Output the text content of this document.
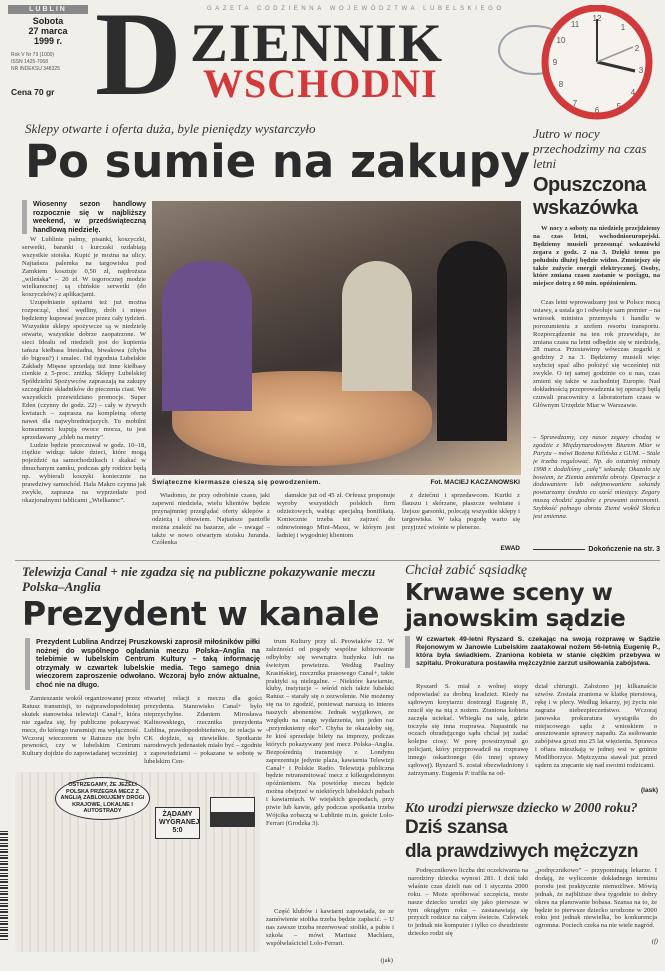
LUBLIN
Sobota
27 marca
1999 r.
Rok V Nr 73 (1000)
ISSN 1425-7068
NR INDEKSU 348325
Cena 70 gr
GAZETA CODZIENNA WOJEWÓDZTWA LUBELSKIEGO
D ZIENNIK
WSCHODNI
12
1
2
3
4
5
6
7
8
9
10
11
Sklepy otwarte i oferta duża, byle pieniędzy wystarczyło
Po sumie na zakupy
Wiosenny sezon handlowy rozpocznie się w najbliższy weekend, w przedświąteczną handlową niedzielę.

W Lublinie palmy, pisanki, koszyczki, serwetki, baranki i kurczaki ozdabiają wszystkie stoiska. Kupić je można na ulicy. Najtańsza palemka na targowisku pod Zamkiem kosztuje 0,50 zł, najdroższa „wileńska” – 20 zł. W tegorocznej modzie wielkanocnej są chińskie serwetki (do koszyczków) z aplikacjami.

Uzupełnianie spiżarni też już można rozpocząć, choć wędliny, drób i mięso będziemy kupować jeszcze przez cały tydzień. Wszystkie sklepy spożywcze są w niedzielę otwarte, wszystkie dobrze zaopatrzone. W sieci Idealu od niedzieli jest do kupienia tańsza kiełbasa biesiadna, biwakowa (chyba do bigosu?) i smalec. Od tygodnia Lubelskie Zakłady Mięsne sprzedają też inne kiełbasy cienkie z 5-proc. zniżką. Sklepy Lubelskiej Spółdzielni Spożywców zapraszają na zakupy szczególnie składników do pieczenia ciast. We wszystkich przewidziano promocje. Super Eden (czynny do godz. 22) – cały w żywych kwiatach – zaprasza na kompletną ofertę nawet dla najwybredniejszych. Tu mobilni konsumenci kupują owoce morza, tu jest sprzedawany „chleb na metry”.

Ludzie będzie przeczuwał w godz. 10–18, ciężkie widząc także dzieci, które mogą pojeździć na samochodzikach i skakać w dmuchanym zamku, podczas gdy rodzice będą np. wybierali koszyki koniecznie na prawdziwy samochód. Hala Makro czynna jak zwykle, zaprasza na wyprzedaże pod okazjonalnymi tablicami „Wielkanoc”.

Świąteczne kiermasze cieszą się powodzeniem.	Fot. MACIEJ KACZANOWSKI
Wiadomo, że przy odrobinie czasu, jaki zapewni niedziela, wielu klientów będzie przynajmniej przeglądać oferty sklepów z odzieżą i obuwiem. Najtańsze pantofle można znaleźć na bazarze, ale – uwaga! – także w nowo otwartym stoisku Juranda. Czółenka
damskie już od 45 zł. Orfeusz proponuje wyroby wszystkich polskich firm odzieżowych, wabiąc specjalną bonifikatą. Koniecznie trzeba też zajrzeć do odnowionego Mini–Maxu, w którym jest ładniej i wygodniej klientom
z dziećmi i sprzedawcom. Kurtki z flauszu i skórzane, płaszcze wełniane i lżejsze garsonki, polecają wszystkie sklepy i targowiska. W taką pogodę warto się przyjrzeć wiośnie w plenerze.
EWAD
Jutro w nocy przechodzimy na czas letni
Opuszczona wskazówka
W nocy z soboty na niedzielę przejdziemy na czas letni, wschodnioeuropejski. Będziemy musieli przesunąć wskazówki zegara z godz. 2 na 3. Dzięki temu po południu dłużej będzie widno. Zmniejszy się także zużycie energii elektrycznej. Osoby, które zmiana czasu zastanie w pociągu, na miejsce dotrą z 60 min. opóźnieniem.
Czas letni wprowadzany jest w Polsce mocą ustawy, a ustala go i odwołuje sam premier – na wniosek ministra przemysłu i handlu w porozumieniu z szefem resortu transportu. Rozporządzenie na ten rok przewiduje, że zmiana czasu na letni odbędzie się w niedzielę, 28 marca. Przestawimy wówczas zegarki z godziny 2 na 3. Będziemy musieli więc szybciej spać albo położyć się wcześniej niż zwykle. O tej samej godzinie co u nas, czas zmieni się także w zachodniej Europie. Nad dokładnością przeprowadzenia tej operacji będą czuwali pracownicy z laboratorium czasu w Głównym Urzędzie Miar w Warszawie.
– Sprawdzamy, czy nasze zegary chodzą w zgodzie z Międzynarodowym Biurem Miar w Paryżu – mówi Bożena Kilińska z GUM. – Stale je trzeba regulować. Np. do ostatniej minuty 1998 r. dodaliśmy „całą” sekundę. Okazało się bowiem, że Ziemia zmieniła obroty. Operacje z dodawaniem lub odejmowaniem sekundy powtarzamy średnio co sześć miesięcy. Zegary muszą chodzić zgodnie z prawami astronomii. Szybkość pełnego obrotu Ziemi wokół Słońca jest zmienna.
Dokończenie na str. 3
Telewizja Canal + nie zgadza się na publiczne pokazywanie meczu Polska–Anglia
Prezydent w kanale
Prezydent Lublina Andrzej Pruszkowski zaprosił miłośników piłki nożnej do wspólnego oglądania meczu Polska–Anglia na telebimie w lubelskim Centrum Kultury – taką informację otrzymały w czwartek lubelskie media. Tego samego dnia wieczorem zaproszenie odwołano. Wczoraj było znów aktualne, choć nie na długo.
trum Kultury przy ul. Peowiaków 12. W zależności od pogody wspólne kibicowanie odbyłoby się wewnątrz budynku lub na świeżym powietrzu. Według Pauliny Krasińskiej, rzecznika prasowego Canal+, takie praktyki są nielegalne. – Niektóre kawiarnie, kluby, instytucje – wśród nich także lubelski Ratusz – starały się o zezwolenie. Nie możemy się na to zgodzić, ponieważ naruszą to interes naszych abonentów. Jednak wyjątkowo, ze względu na rangę wydarzenia, ten jeden raz „przymkniemy oko”. Chyba że okazałoby się, że ktoś sprzedaje bilety na imprezy, podczas których pokazywany jest mecz Polska–Anglia. Bezpośrednią transmisję z Londynu zaprezentuje jedynie plaża, kawiarnia Telewizji Canal+ i Polskie Radio. Telewizja publiczna będzie retransmitować mecz z kilkugodzinnym opóźnieniem. Na powtórkę meczu będzie można obejrzeć w niektórych lubelskich pubach i kawiarniach. W wiejskich gospodach, przy piwie lub kawie, gdy podczas spotkania trzeba Wójcika zobaczą w Lublinie m.in. goście Lolo-Ferrari (Grodzka 3).
Zamieszanie wokół organizowanej przez Ratusz transmisji, to najprawdopodobniej skutek stanowiska telewizji Canal+, która nie zgadza się, by publiczne pokazywać mecz, do którego transmisji ma wyłączność. Wczoraj wieczorem w Ratuszu nie było pewności, czy w lubelskim Centrum Kultury dojdzie do zapowiadanej wcześniej
otwartej relacji z meczu dla gości prezydenta. Stanowisko Canal+ było nieprzychylne. Zdaniem Mirosława Kalinowskiego, rzecznika prezydenta Lublina, prawdopodobieństwo, że relacja w CK dojdzie, są niewielkie. Spotkanie narodowych jedenastek miało być – zgodnie z zapowiedziami – pokazane w sobotę w lubelskim Cen-
OSTRZEGAMY, ŻE JEŻELI POLSKA PRZEGRA MECZ Z ANGLIĄ ZABLOKUJEMY DROGI KRAJOWE, LOKALNE I AUTOSTRADY	ŻĄDAMY WYGRANEJ 5:0
Część klubów i kawiarni zapowiada, że ze zamówienie stolika trzeba będzie zapłacić. – U nas zawsze trzeba rezerwować stoliki, a pubie i szkoła – mówi Mariusz Machlarz, współwłaściciel Lolo-Ferrari.
(jak)
Chciał zabić sąsiadkę
Krwawe sceny w janowskim sądzie
W czwartek 49-letni Ryszard S. czekając na swoją rozprawę w Sądzie Rejonowym w Janowie Lubelskim zaatakował nożem 56-letnią Eugenię P., która była świadkiem. Zraniona kobieta w stanie ciężkim przebywa w szpitalu. Prokuratura postawiła mężczyźnie zarzut usiłowania zabójstwa.
Ryszard S. miał z wolnej stopy odpowiadać za drobną kradzież. Kiedy na sądowym korytarzu dostrzegł Eugenię P., rzucił się na nią z nożem. Zraniona kobieta zaczęła uciekać. Wbiegła na salę, gdzie toczyła się inna rozprawa. Napastnik na oczach obradującego sądu chciał jej zadać kolejne ciosy. W porę powstrzymał go policjant, który przyprowadził na rozprawę innego oskarżonego (do innej sprawy sądowej). Ryszard S. został obezwładniony i zatrzymany. Eugenia P. trafiła na od-
dział chirurgii. Założono jej kilkanaście szwów. Została zraniona w klatkę piersiową, rękę i w plecy. Według lekarzy, jej życiu nie zagraża niebezpieczeństwo. Wczoraj janowska prokuratura wystąpiła do miejscowego sądu z wnioskiem o aresztowanie sprawcy napadu. Za usiłowanie zabójstwa grozi mu 25 lat więzienia. Sprawca i ofiara mieszkają w jednej wsi w gminie Modliborzyce. Mężczyzna stawał już przed sądem za znęcanie się nad swoimi rodzicami.
(lask)
Kto urodzi pierwsze dziecko w 2000 roku?
Dziś szansa
dla prawdziwych mężczyzn
Podręcznikowo liczba dni oczekiwania na narodziny dziecka wynosi 281. I dziś taki właśnie czas dzieli nas od 1 stycznia 2000 roku. – Może spróbować szczęścia, może nasze dziecko urodzi się jako pierwsze w tym okrągłym roku – zastanawiają się przyszli rodzice na całym świecie. Człowiek to jednak nie komputer i tylko co dwudzieste dziecko rodzi się
„podręcznikowo” – przypominają lekarze. I dodają, że wyliczenie dokładnego terminu porodu jest praktycznie niemożliwe. Mówią jednak, że najbliższe dwa tygodnie to dobry okres na planowanie bobasa. Szansa na to, że będzie to pierwsze dziecko urodzone w 2000 roku jest jednak niewielka, bo konkurencja ogromna. Pociech czeka na nie wiele nagród.
(f)
